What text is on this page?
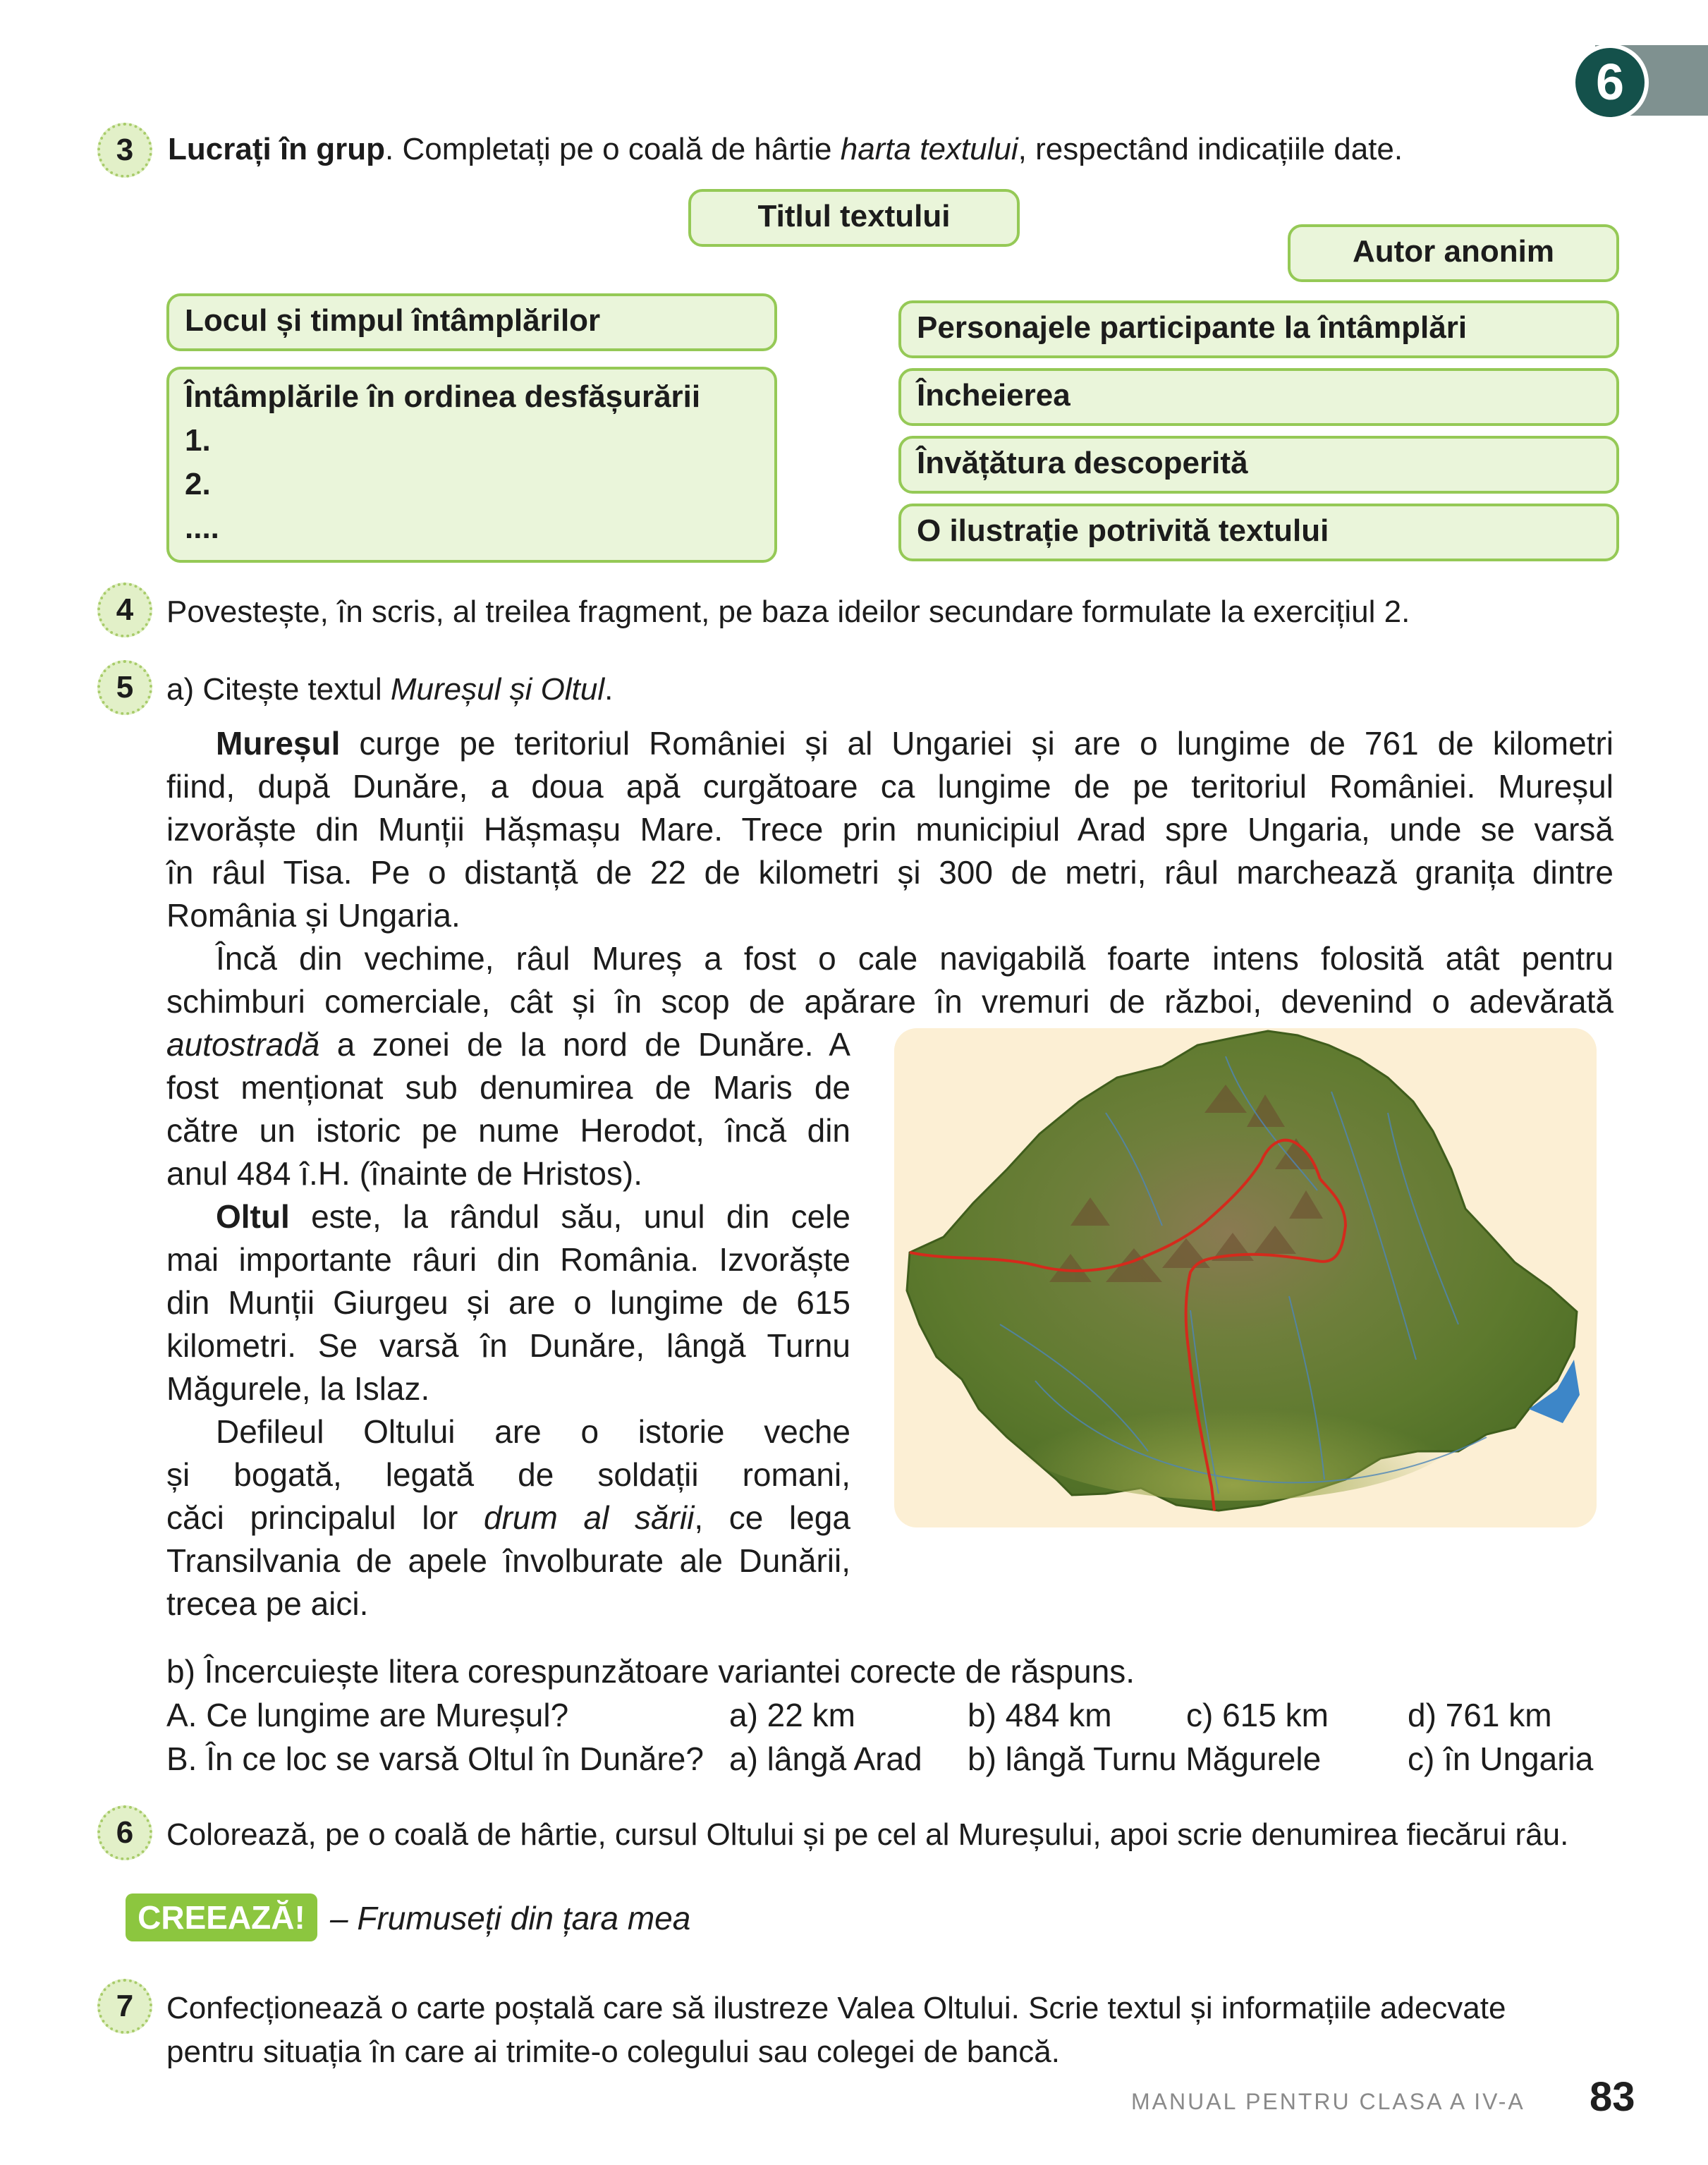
6
3	Lucrați în grup. Completați pe o coală de hârtie harta textului, respectând indicațiile date.
Titlul textului
Autor anonim
Locul și timpul întâmplărilor
Întâmplările în ordinea desfășurării
1.
2.
....
Personajele participante la întâmplări
Încheierea
Învățătura descoperită
O ilustrație potrivită textului
4	Povestește, în scris, al treilea fragment, pe baza ideilor secundare formulate la exercițiul 2.
5	a) Citește textul Mureșul și Oltul.
Mureșul curge pe teritoriul României și al Ungariei și are o lungime de 761 de kilometri
fiind, după Dunăre, a doua apă curgătoare ca lungime de pe teritoriul României. Mureșul
izvorăște din Munții Hășmașu Mare. Trece prin municipiul Arad spre Ungaria, unde se varsă
în râul Tisa. Pe o distanță de 22 de kilometri și 300 de metri, râul marchează granița dintre
România și Ungaria.
Încă din vechime, râul Mureș a fost o cale navigabilă foarte intens folosită atât pentru
schimburi comerciale, cât și în scop de apărare în vremuri de război, devenind o adevărată
autostradă a zonei de la nord de Dunăre. A
fost menționat sub denumirea de Maris de
către un istoric pe nume Herodot, încă din
anul 484 î.H. (înainte de Hristos).
Oltul este, la rândul său, unul din cele
mai importante râuri din România. Izvorăște
din Munții Giurgeu și are o lungime de 615
kilometri. Se varsă în Dunăre, lângă Turnu
Măgurele, la Islaz.
Defileul Oltului are o istorie veche
și bogată, legată de soldații romani,
căci principalul lor drum al sării, ce lega
Transilvania de apele învolburate ale Dunării,
trecea pe aici.
b) Încercuiește litera corespunzătoare variantei corecte de răspuns.
A. Ce lungime are Mureșul?	a) 22 km	b) 484 km c) 615 km d) 761 km
B. În ce loc se varsă Oltul în Dunăre? a) lângă Arad b) lângă Turnu Măgurele	c) în Ungaria
6	Colorează, pe o coală de hârtie, cursul Oltului și pe cel al Mureșului, apoi scrie denumirea fiecărui râu.
CREEAZĂ! – Frumuseți din țara mea
7	Confecționează o carte poștală care să ilustreze Valea Oltului. Scrie textul și informațiile adecvate
pentru situația în care ai trimite-o colegului sau colegei de bancă.
MANUAL PENTRU CLASA A IV-A 83
